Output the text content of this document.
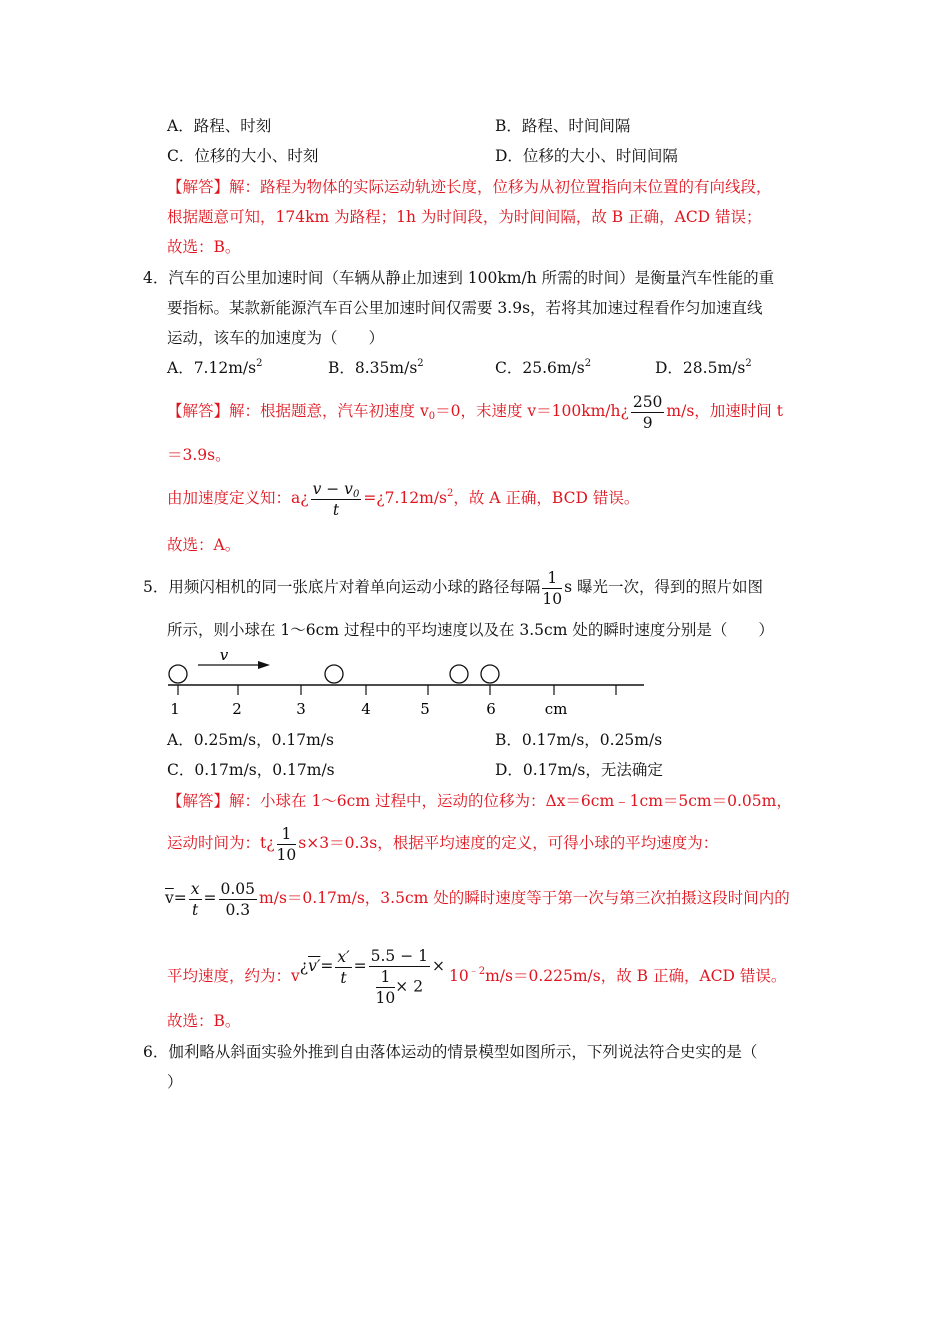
A．路程、时刻	B．路程、时间间隔
C．位移的大小、时刻	D．位移的大小、时间间隔
【解答】解：路程为物体的实际运动轨迹长度，位移为从初位置指向末位置的有向线段，
根据题意可知，174km 为路程；1h 为时间段，为时间间隔，故 B 正确，ACD 错误；
故选：B。
4．汽车的百公里加速时间（车辆从静止加速到 100km/h 所需的时间）是衡量汽车性能的重
要指标。某款新能源汽车百公里加速时间仅需要 3.9s，若将其加速过程看作匀加速直线
运动，该车的加速度为（　　）
A．$7.12m/s^2$	B．$8.35m/s^2$	C．$25.6m/s^2$	D．$28.5m/s^2$
【解答】解：根据题意，汽车初速度 $v_0=0$，末速度 v＝100km/h¿ $\frac{250}{9} m/s$，加速时间 t
＝3.9s。
由加速度定义知：a¿ $\frac{v - v_0}{t}$ $=¿7.12m/s^2$，故 A 正确，BCD 错误。
故选：A。
5．用频闪相机的同一张底片对着单向运动小球的路径每隔 $\frac{1}{10}$ s 曝光一次，得到的照片如图
所示，则小球在 1～6cm 过程中的平均速度以及在 3.5cm 处的瞬时速度分别是（　　）
v
1	2	3	4	5	6	cm
A．0.25m/s，0.17m/s	B．0.17m/s，0.25m/s
C．0.17m/s，0.17m/s	D．0.17m/s，无法确定
【解答】解：小球在 1～6cm 过程中，运动的位移为：Δx＝6cm﹣1cm＝5cm＝0.05m，
运动时间为：t¿ $\frac{1}{10} s\times 3=0.3s$，根据平均速度的定义，可得小球的平均速度为：
$\overline{v}= \frac{x}{t} = \frac{0.05}{0.3} m/s=0.17m/s$，3.5cm 处的瞬时速度等于第一次与第三次拍摄这段时间内的
平均速度，约为：v¿v′= $\frac{x'}{t} = \frac{5.5 - 1}{\frac{1}{10} \times 2} \times 10^{﹣2}m/s=0.225m/s$，故 B 正确，ACD 错误。
故选：B。
6．伽利略从斜面实验外推到自由落体运动的情景模型如图所示，下列说法符合史实的是（
）
